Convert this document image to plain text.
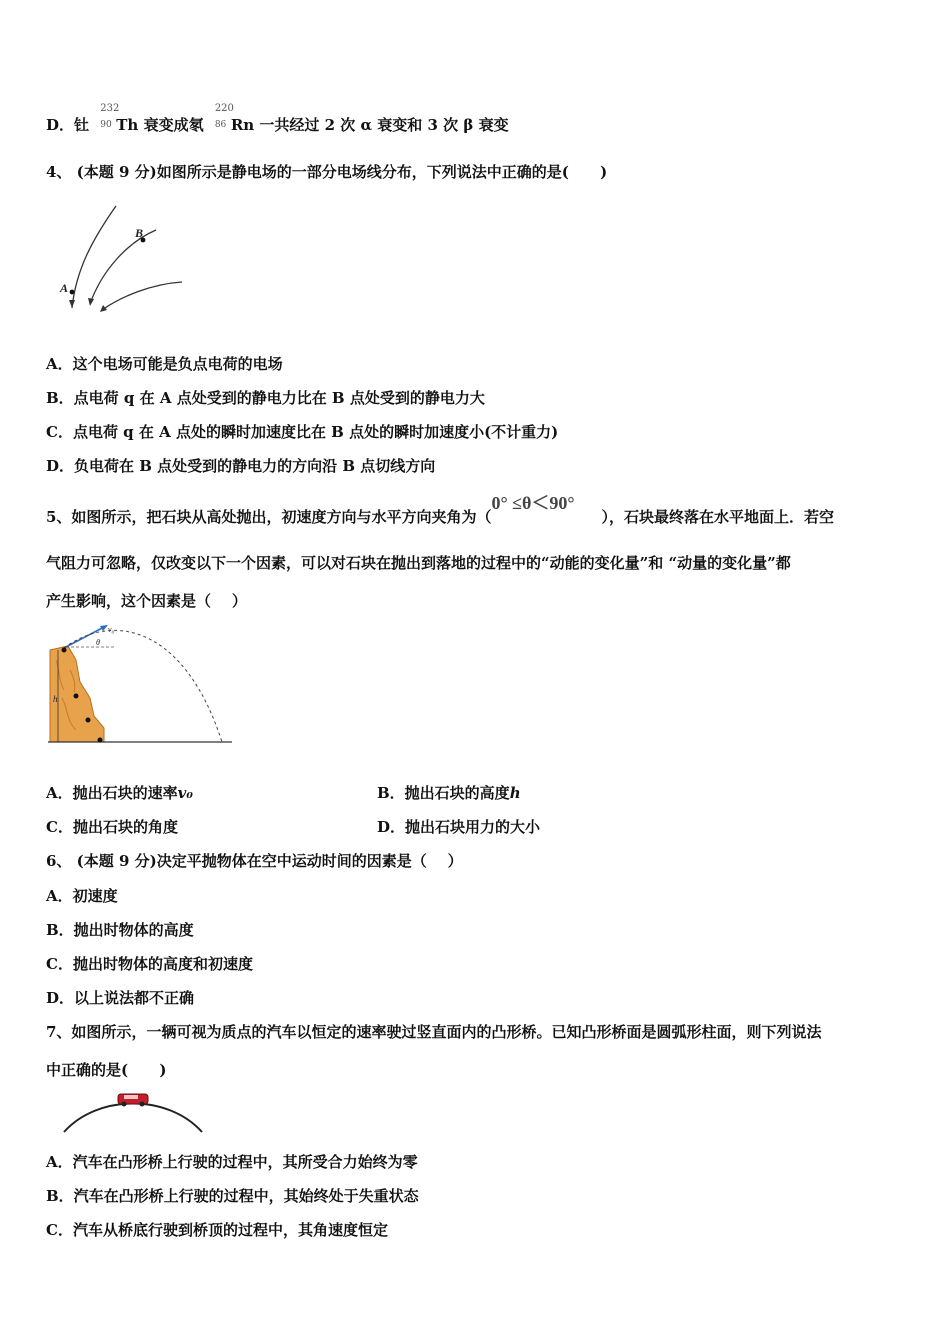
D．钍
232
90 Th 衰变成氡
220
86 Rn 一共经过 2 次 α 衰变和 3 次 β 衰变
4、 (本题 9 分)如图所示是静电场的一部分电场线分布，下列说法中正确的是(      )
A
B
A．这个电场可能是负点电荷的电场
B．点电荷 q 在 A 点处受到的静电力比在 B 点处受到的静电力大
C．点电荷 q 在 A 点处的瞬时加速度比在 B 点处的瞬时加速度小(不计重力)
D．负电荷在 B 点处受到的静电力的方向沿 B 点切线方向
5、如图所示，把石块从高处抛出，初速度方向与水平方向夹角为（0° ≤θ＜90°），石块最终落在水平地面上．若空
气阻力可忽略，仅改变以下一个因素，可以对石块在抛出到落地的过程中的“动能的变化量”和 “动量的变化量”都
产生影响，这个因素是（    ）
h
v₀
θ
A．抛出石块的速率v₀	B．抛出石块的高度h
C．抛出石块的角度	D．抛出石块用力的大小
6、 (本题 9 分)决定平抛物体在空中运动时间的因素是（    ）
A．初速度
B．抛出时物体的高度
C．抛出时物体的高度和初速度
D．以上说法都不正确
7、如图所示，一辆可视为质点的汽车以恒定的速率驶过竖直面内的凸形桥。已知凸形桥面是圆弧形柱面，则下列说法
中正确的是(      )
A．汽车在凸形桥上行驶的过程中，其所受合力始终为零
B．汽车在凸形桥上行驶的过程中，其始终处于失重状态
C．汽车从桥底行驶到桥顶的过程中，其角速度恒定
